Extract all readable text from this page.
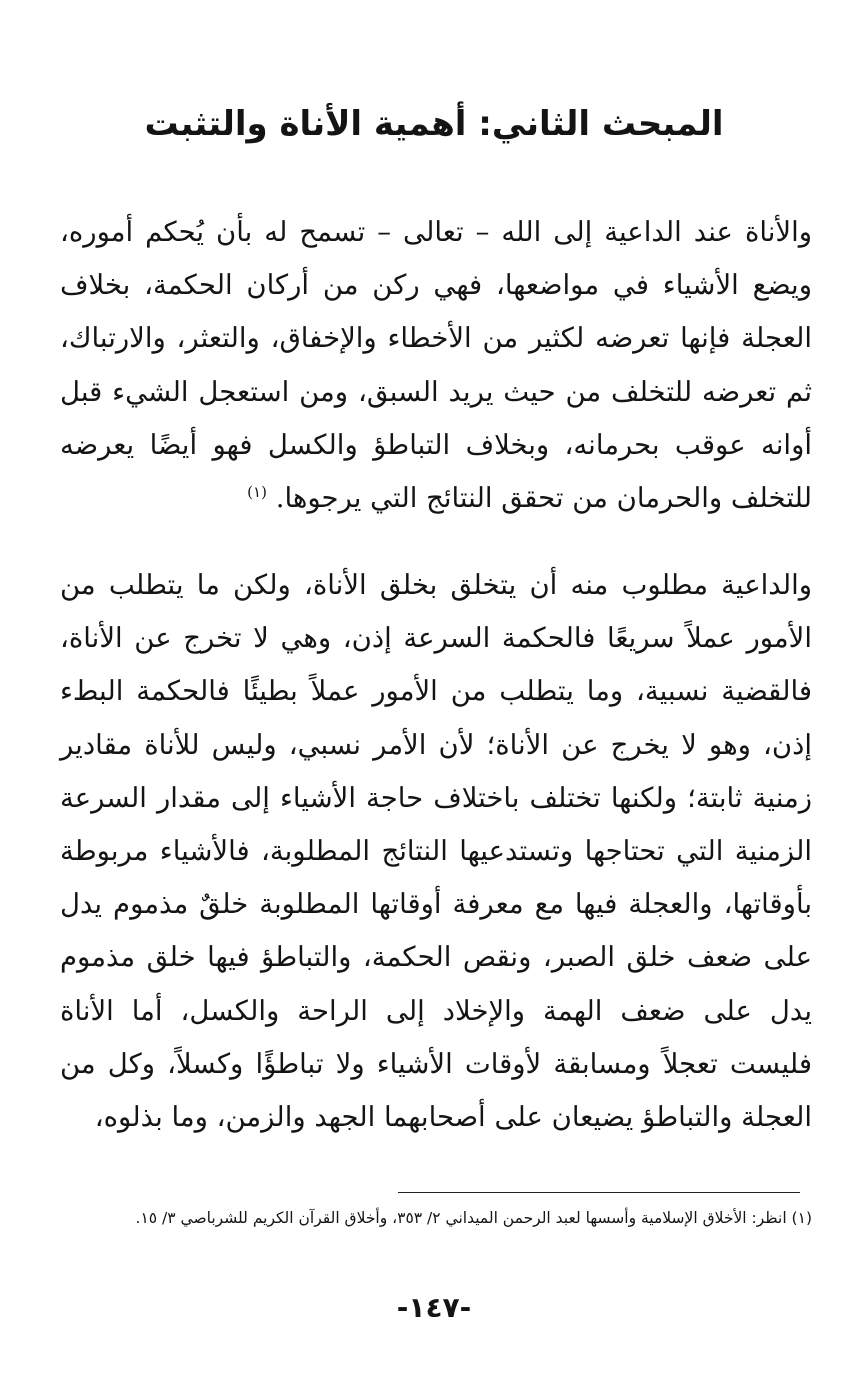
المبحث الثاني: أهمية الأناة والتثبت

والأناة عند الداعية إلى الله – تعالى – تسمح له بأن يُحكم أموره، ويضع الأشياء في مواضعها، فهي ركن من أركان الحكمة، بخلاف العجلة فإنها تعرضه لكثير من الأخطاء والإخفاق، والتعثر، والارتباك، ثم تعرضه للتخلف من حيث يريد السبق، ومن استعجل الشيء قبل أوانه عوقب بحرمانه، وبخلاف التباطؤ والكسل فهو أيضًا يعرضه للتخلف والحرمان من تحقق النتائج التي يرجوها. $^{(١)}$

والداعية مطلوب منه أن يتخلق بخلق الأناة، ولكن ما يتطلب من الأمور عملاً سريعًا فالحكمة السرعة إذن، وهي لا تخرج عن الأناة، فالقضية نسبية، وما يتطلب من الأمور عملاً بطيئًا فالحكمة البطء إذن، وهو لا يخرج عن الأناة؛ لأن الأمر نسبي، وليس للأناة مقادير زمنية ثابتة؛ ولكنها تختلف باختلاف حاجة الأشياء إلى مقدار السرعة الزمنية التي تحتاجها وتستدعيها النتائج المطلوبة، فالأشياء مربوطة بأوقاتها، والعجلة فيها مع معرفة أوقاتها المطلوبة خلقٌ مذموم يدل على ضعف خلق الصبر، ونقص الحكمة، والتباطؤ فيها خلق مذموم يدل على ضعف الهمة والإخلاد إلى الراحة والكسل، أما الأناة فليست تعجلاً ومسابقة لأوقات الأشياء ولا تباطؤًا وكسلاً، وكل من العجلة والتباطؤ يضيعان على أصحابهما الجهد والزمن، وما بذلوه،

(١) انظر: الأخلاق الإسلامية وأسسها لعبد الرحمن الميداني ٢/ ٣٥٣، وأخلاق القرآن الكريم للشرباصي ٣/ ١٥.
-١٤٧-
